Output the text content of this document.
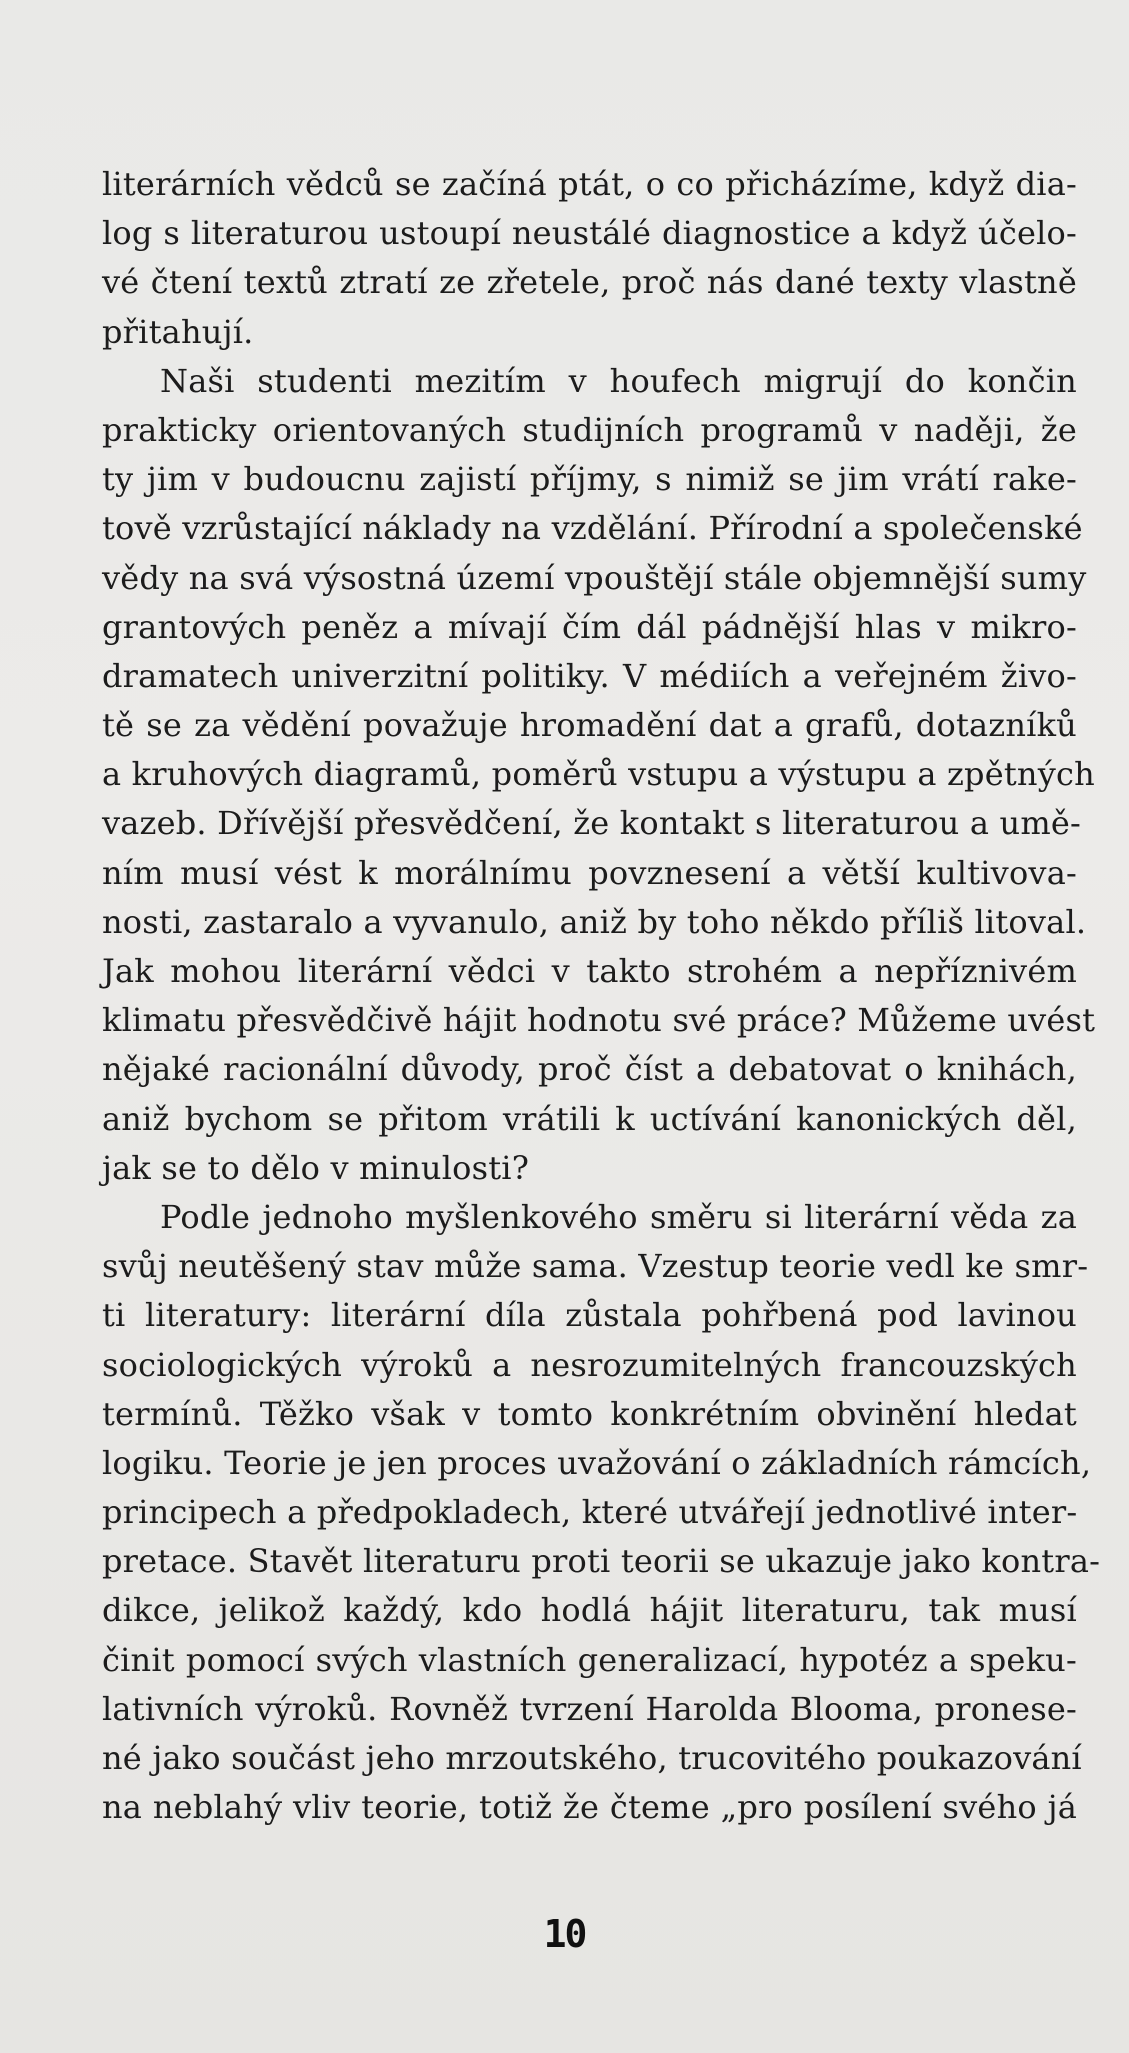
literárních vědců se začíná ptát, o co přicházíme, když dia-
log s literaturou ustoupí neustálé diagnostice a když účelo-
vé čtení textů ztratí ze zřetele, proč nás dané texty vlastně
přitahují.
Naši studenti mezitím v houfech migrují do končin
prakticky orientovaných studijních programů v naději, že
ty jim v budoucnu zajistí příjmy, s nimiž se jim vrátí rake-
tově vzrůstající náklady na vzdělání. Přírodní a společenské
vědy na svá výsostná území vpouštějí stále objemnější sumy
grantových peněz a mívají čím dál pádnější hlas v mikro-
dramatech univerzitní politiky. V médiích a veřejném živo-
tě se za vědění považuje hromadění dat a grafů, dotazníků
a kruhových diagramů, poměrů vstupu a výstupu a zpětných
vazeb. Dřívější přesvědčení, že kontakt s literaturou a umě-
ním musí vést k morálnímu povznesení a větší kultivova-
nosti, zastaralo a vyvanulo, aniž by toho někdo příliš litoval.
Jak mohou literární vědci v takto strohém a nepříznivém
klimatu přesvědčivě hájit hodnotu své práce? Můžeme uvést
nějaké racionální důvody, proč číst a debatovat o knihách,
aniž bychom se přitom vrátili k uctívání kanonických děl,
jak se to dělo v minulosti?
Podle jednoho myšlenkového směru si literární věda za
svůj neutěšený stav může sama. Vzestup teorie vedl ke smr-
ti literatury: literární díla zůstala pohřbená pod lavinou
sociologických výroků a nesrozumitelných francouzských
termínů. Těžko však v tomto konkrétním obvinění hledat
logiku. Teorie je jen proces uvažování o základních rámcích,
principech a předpokladech, které utvářejí jednotlivé inter-
pretace. Stavět literaturu proti teorii se ukazuje jako kontra-
dikce, jelikož každý, kdo hodlá hájit literaturu, tak musí
činit pomocí svých vlastních generalizací, hypotéz a speku-
lativních výroků. Rovněž tvrzení Harolda Blooma, pronese-
né jako součást jeho mrzoutského, trucovitého poukazování
na neblahý vliv teorie, totiž že čteme „pro posílení svého já
10
